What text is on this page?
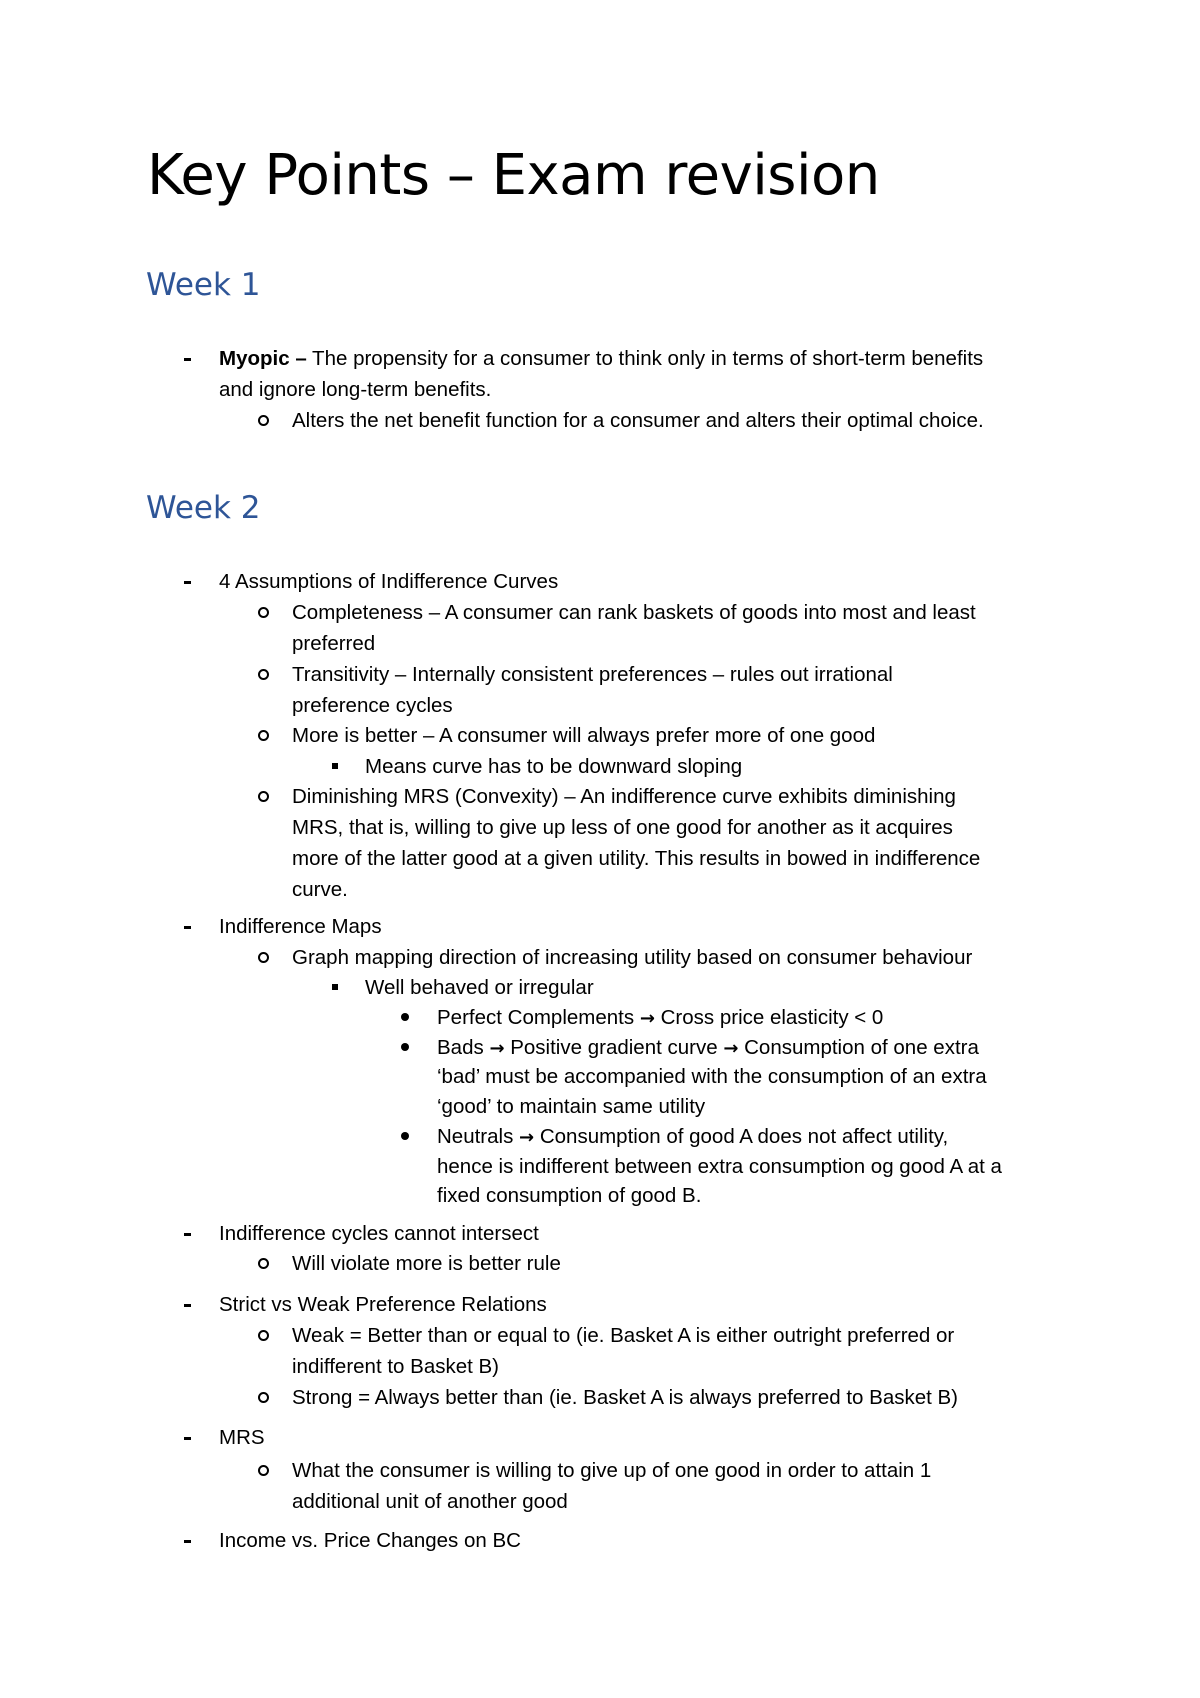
Key Points – Exam revision
Week 1
Myopic – The propensity for a consumer to think only in terms of short-term benefits
and ignore long-term benefits.
Alters the net benefit function for a consumer and alters their optimal choice.
Week 2
4 Assumptions of Indifference Curves
Completeness – A consumer can rank baskets of goods into most and least
preferred
Transitivity – Internally consistent preferences – rules out irrational
preference cycles
More is better – A consumer will always prefer more of one good
Means curve has to be downward sloping
Diminishing MRS (Convexity) – An indifference curve exhibits diminishing
MRS, that is, willing to give up less of one good for another as it acquires
more of the latter good at a given utility. This results in bowed in indifference
curve.
Indifference Maps
Graph mapping direction of increasing utility based on consumer behaviour
Well behaved or irregular
Perfect Complements → Cross price elasticity < 0
Bads → Positive gradient curve → Consumption of one extra
‘bad’ must be accompanied with the consumption of an extra
‘good’ to maintain same utility
Neutrals → Consumption of good A does not affect utility,
hence is indifferent between extra consumption og good A at a
fixed consumption of good B.
Indifference cycles cannot intersect
Will violate more is better rule
Strict vs Weak Preference Relations
Weak = Better than or equal to (ie. Basket A is either outright preferred or
indifferent to Basket B)
Strong = Always better than (ie. Basket A is always preferred to Basket B)
MRS
What the consumer is willing to give up of one good in order to attain 1
additional unit of another good
Income vs. Price Changes on BC
